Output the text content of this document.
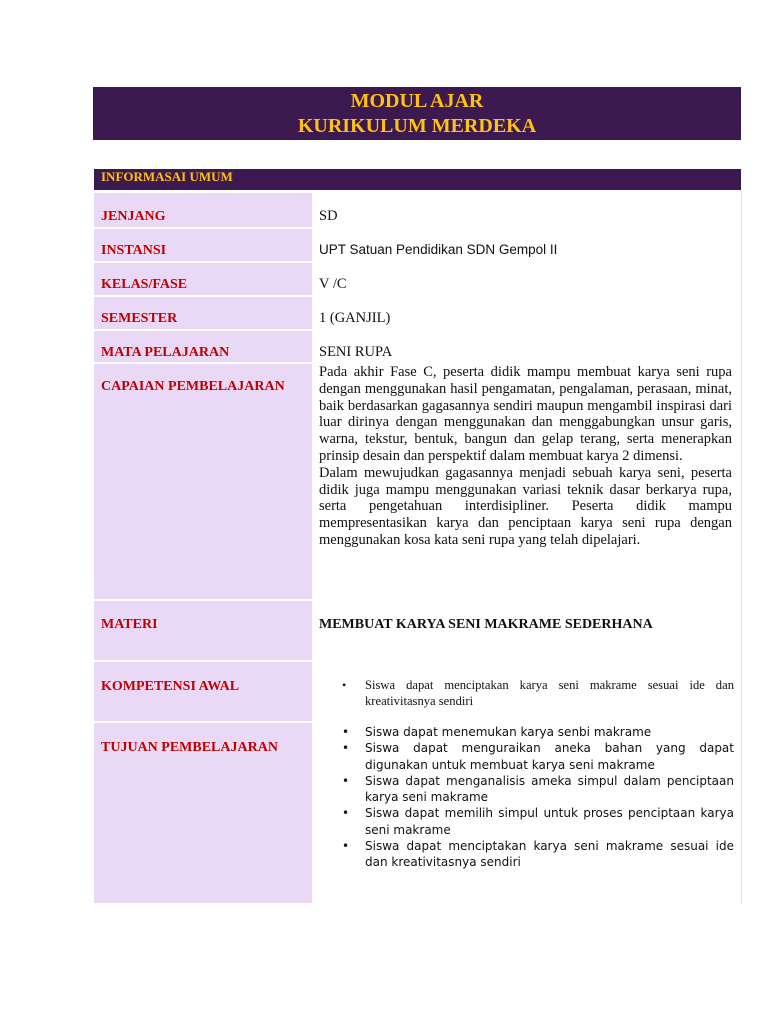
MODUL AJAR
KURIKULUM MERDEKA
INFORMASAI UMUM
JENJANG	SD
INSTANSI	UPT Satuan Pendidikan SDN Gempol II
KELAS/FASE	V /C
SEMESTER	1 (GANJIL)
MATA PELAJARAN	SENI RUPA
CAPAIAN PEMBELAJARAN

Pada akhir Fase C, peserta didik mampu membuat karya seni rupa dengan menggunakan hasil pengamatan, pengalaman, perasaan, minat, baik berdasarkan gagasannya sendiri maupun mengambil inspirasi dari luar dirinya dengan menggunakan dan menggabungkan unsur garis, warna, tekstur, bentuk, bangun dan gelap terang, serta menerapkan prinsip desain dan perspektif dalam membuat karya 2 dimensi.

Dalam mewujudkan gagasannya menjadi sebuah karya seni, peserta didik juga mampu menggunakan variasi teknik dasar berkarya rupa, serta pengetahuan interdisipliner. Peserta didik mampu mempresentasikan karya dan penciptaan karya seni rupa dengan menggunakan kosa kata seni rupa yang telah dipelajari.

MATERI	MEMBUAT KARYA SENI MAKRAME SEDERHANA
KOMPETENSI AWAL	• Siswa dapat menciptakan karya seni makrame sesuai ide dan kreativitasnya sendiri
TUJUAN PEMBELAJARAN
• Siswa dapat menemukan karya senbi makrame
• Siswa dapat menguraikan aneka bahan yang dapat digunakan untuk membuat karya seni makrame
• Siswa dapat menganalisis ameka simpul dalam penciptaan karya seni makrame
• Siswa dapat memilih simpul untuk proses penciptaan karya seni makrame
• Siswa dapat menciptakan karya seni makrame sesuai ide dan kreativitasnya sendiri
